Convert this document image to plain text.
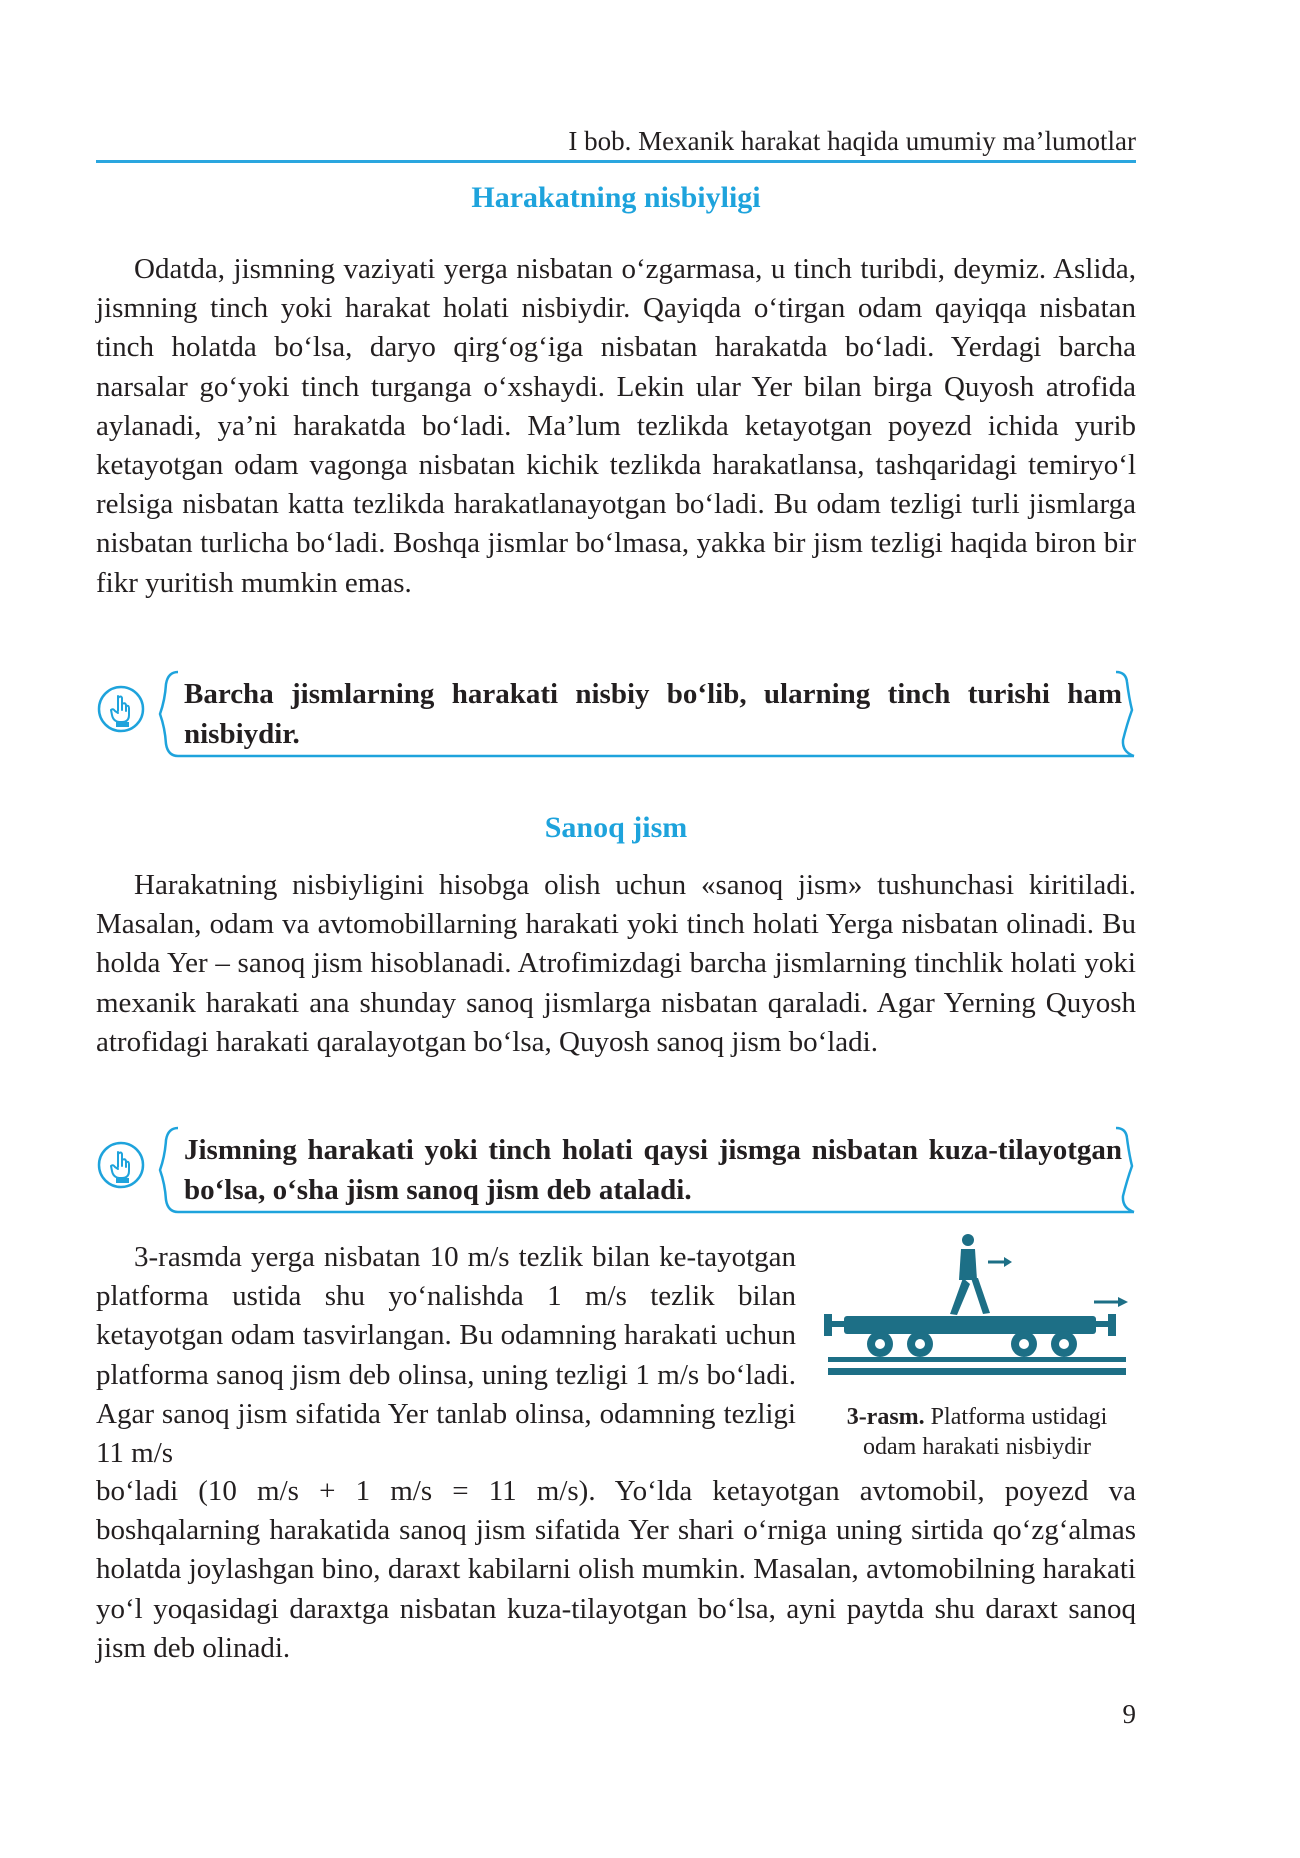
I bob. Mexanik harakat haqida umumiy ma’lumotlar
Harakatning nisbiyligi

Odatda, jismning vaziyati yerga nisbatan o‘zgarmasa, u tinch turibdi, deymiz. Aslida, jismning tinch yoki harakat holati nisbiydir. Qayiqda o‘tirgan odam qayiqqa nisbatan tinch holatda bo‘lsa, daryo qirg‘og‘iga nisbatan harakatda bo‘ladi. Yerdagi barcha narsalar go‘yoki tinch turganga o‘xshaydi. Lekin ular Yer bilan birga Quyosh atrofida aylanadi, ya’ni harakatda bo‘ladi. Ma’lum tezlikda ketayotgan poyezd ichida yurib ketayotgan odam vagonga nisbatan kichik tezlikda harakatlansa, tashqaridagi temiryo‘l relsiga nisbatan katta tezlikda harakatlanayotgan bo‘ladi. Bu odam tezligi turli jismlarga nisbatan turlicha bo‘ladi. Boshqa jismlar bo‘lmasa, yakka bir jism tezligi haqida biron bir fikr yuritish mumkin emas.

Barcha jismlarning harakati nisbiy bo‘lib, ularning tinch turishi ham nisbiydir.

Sanoq jism

Harakatning nisbiyligini hisobga olish uchun «sanoq jism» tushunchasi kiritiladi. Masalan, odam va avtomobillarning harakati yoki tinch holati Yerga nisbatan olinadi. Bu holda Yer – sanoq jism hisoblanadi. Atrofimizdagi barcha jismlarning tinchlik holati yoki mexanik harakati ana shunday sanoq jismlarga nisbatan qaraladi. Agar Yerning Quyosh atrofidagi harakati qaralayotgan bo‘lsa, Quyosh sanoq jism bo‘ladi.

Jismning harakati yoki tinch holati qaysi jismga nisbatan kuza-tilayotgan bo‘lsa, o‘sha jism sanoq jism deb ataladi.

3-rasmda yerga nisbatan 10 m/s tezlik bilan ke-tayotgan platforma ustida shu yo‘nalishda 1 m/s tezlik bilan ketayotgan odam tasvirlangan. Bu odamning harakati uchun platforma sanoq jism deb olinsa, uning tezligi 1 m/s bo‘ladi. Agar sanoq jism sifatida Yer tanlab olinsa, odamning tezligi 11 m/s

3-rasm. Platforma ustidagi odam harakati nisbiydir

bo‘ladi (10 m/s + 1 m/s = 11 m/s). Yo‘lda ketayotgan avtomobil, poyezd va boshqalarning harakatida sanoq jism sifatida Yer shari o‘rniga uning sirtida qo‘zg‘almas holatda joylashgan bino, daraxt kabilarni olish mumkin. Masalan, avtomobilning harakati yo‘l yoqasidagi daraxtga nisbatan kuza-tilayotgan bo‘lsa, ayni paytda shu daraxt sanoq jism deb olinadi.

9
